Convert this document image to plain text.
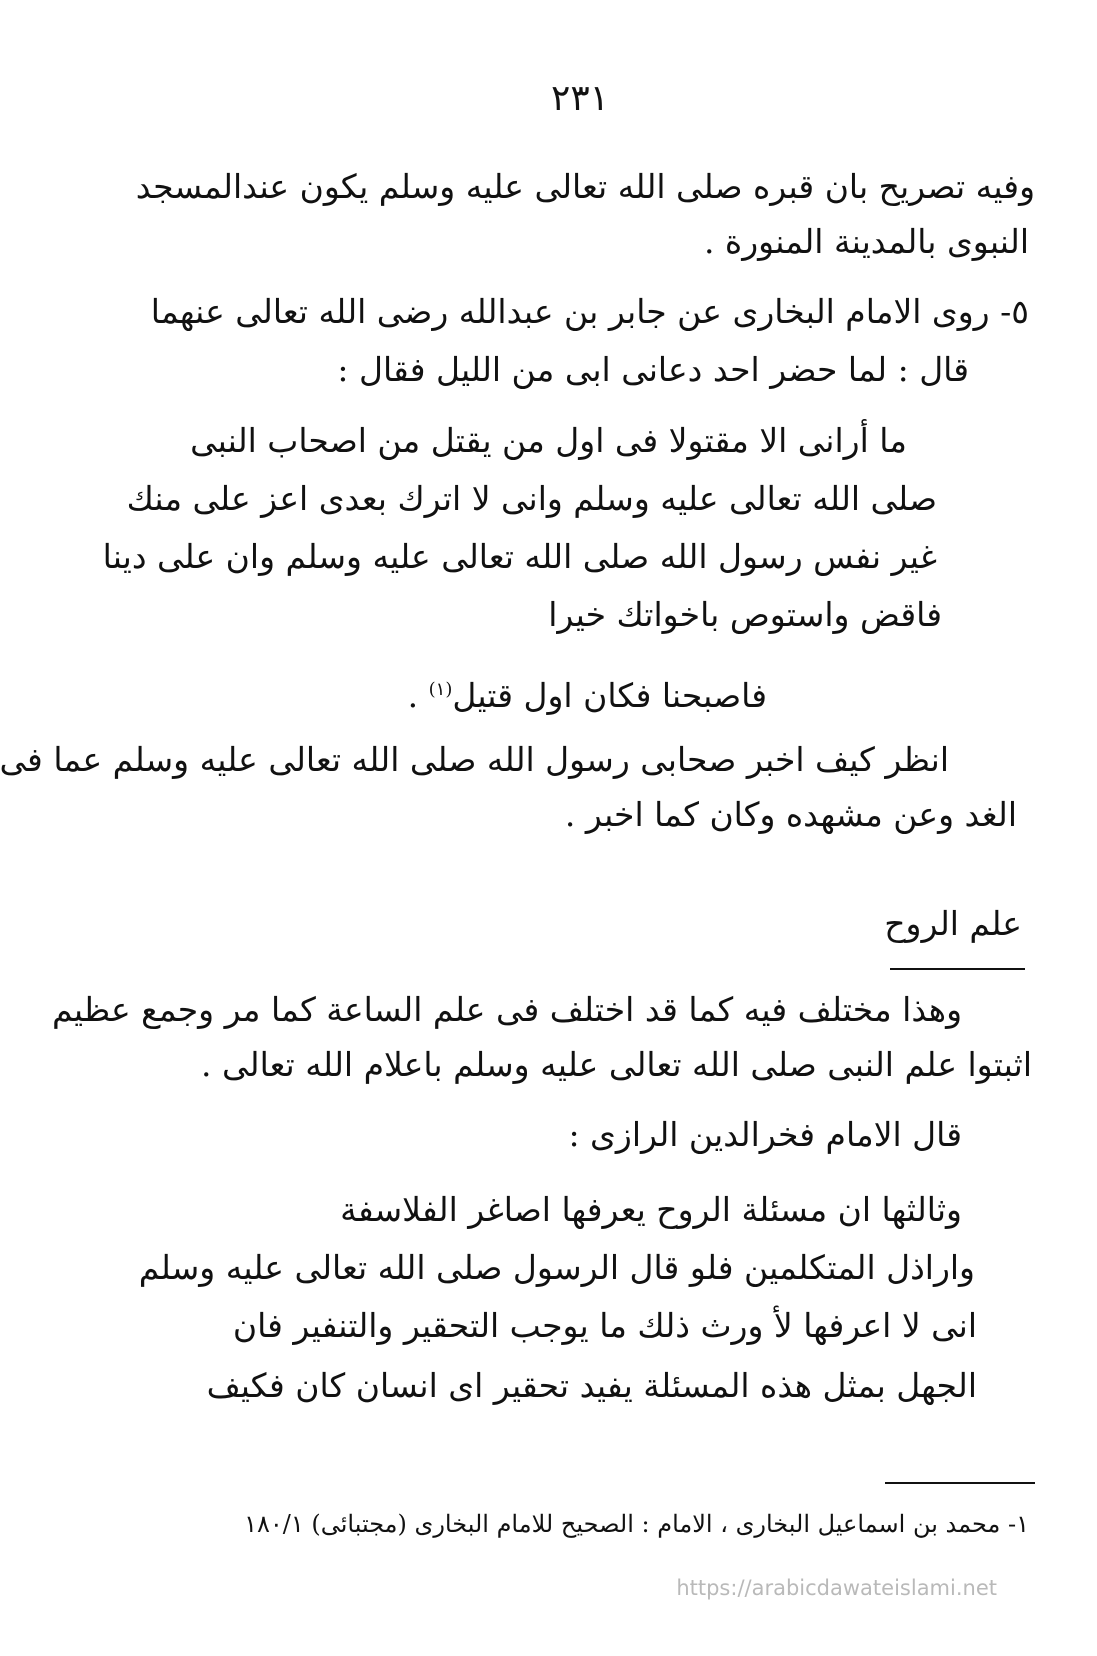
٢٣١
وفيه تصريح بان قبره صلى الله تعالى عليه وسلم يكون عندالمسجد
النبوى بالمدينة المنورة .
٥- روى الامام البخارى عن جابر بن عبدالله رضى الله تعالى عنهما
قال : لما حضر احد دعانى ابى من الليل فقال :
ما أرانى الا مقتولا فى اول من يقتل من اصحاب النبى
صلى الله تعالى عليه وسلم وانى لا اترك بعدى اعز على منك
غير نفس رسول الله صلى الله تعالى عليه وسلم وان على دينا
فاقض واستوص باخواتك خيرا
فاصبحنا فكان اول قتيل$^{(١)}$ .
انظر كيف اخبر صحابى رسول الله صلى الله تعالى عليه وسلم عما فى
الغد وعن مشهده وكان كما اخبر .
علم الروح
وهذا مختلف فيه كما قد اختلف فى علم الساعة كما مر وجمع عظيم
اثبتوا علم النبى صلى الله تعالى عليه وسلم باعلام الله تعالى .
قال الامام فخرالدين الرازى :
وثالثها ان مسئلة الروح يعرفها اصاغر الفلاسفة
واراذل المتكلمين فلو قال الرسول صلى الله تعالى عليه وسلم
انى لا اعرفها لأ ورث ذلك ما يوجب التحقير والتنفير فان
الجهل بمثل هذه المسئلة يفيد تحقير اى انسان كان فكيف
١- محمد بن اسماعيل البخارى ، الامام : الصحيح للامام البخارى (مجتبائى) ١٨٠/١
https://arabicdawateislami.net
